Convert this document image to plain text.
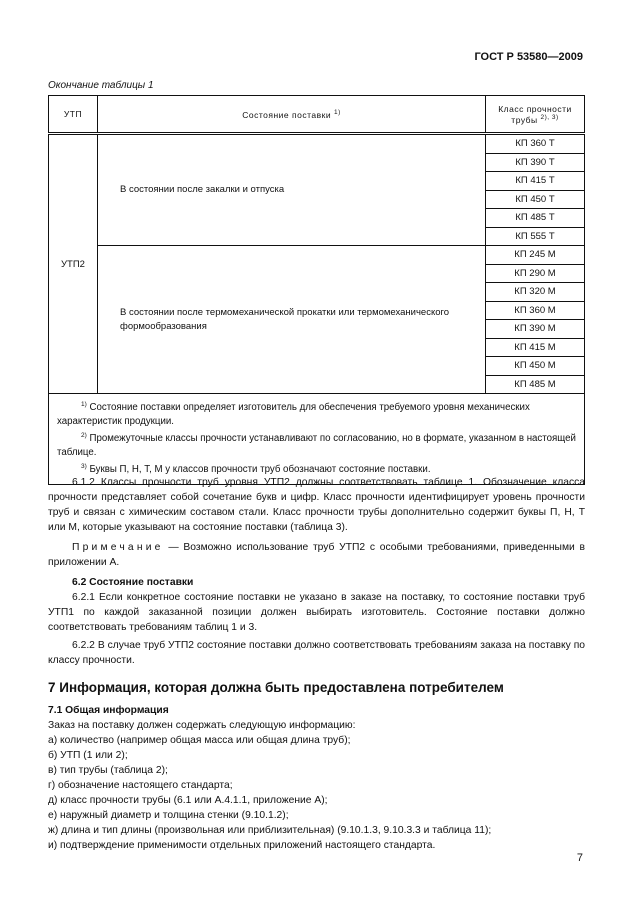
ГОСТ Р 53580—2009
Окончание таблицы 1
УТП	Состояние поставки $^{1)}$	Класс прочности трубы $^{2), 3)}$
УТП2	В состоянии после закалки и отпуска	КП 360 Т
		КП 390 Т
		КП 415 Т
		КП 450 Т
		КП 485 Т
		КП 555 Т
	В состоянии после термомеханической прокатки или термомеханического формообразования	КП 245 М
		КП 290 М
		КП 320 М
		КП 360 М
		КП 390 М
		КП 415 М
		КП 450 М
		КП 485 М

$^{1)}$ Состояние поставки определяет изготовитель для обеспечения требуемого уровня механических характеристик продукции.

$^{2)}$ Промежуточные классы прочности устанавливают по согласованию, но в формате, указанном в настоящей таблице.

$^{3)}$ Буквы П, Н, Т, М у классов прочности труб обозначают состояние поставки.		

6.1.2 Классы прочности труб уровня УТП2 должны соответствовать таблице 1. Обозначение класса прочности представляет собой сочетание букв и цифр. Класс прочности идентифицирует уровень прочности труб и связан с химическим составом стали. Класс прочности трубы дополнительно содержит буквы П, Н, Т или М, которые указывают на состояние поставки (таблица 3).

Примечание — Возможно использование труб УТП2 с особыми требованиями, приведенными в приложении А.

6.2 Состояние поставки

6.2.1 Если конкретное состояние поставки не указано в заказе на поставку, то состояние поставки труб УТП1 по каждой заказанной позиции должен выбирать изготовитель. Состояние поставки должно соответствовать требованиям таблиц 1 и 3.

6.2.2 В случае труб УТП2 состояние поставки должно соответствовать требованиям заказа на поставку по классу прочности.

7 Информация, которая должна быть предоставлена потребителем

7.1 Общая информация

Заказ на поставку должен содержать следующую информацию:

а) количество (например общая масса или общая длина труб);

б) УТП (1 или 2);

в) тип трубы (таблица 2);

г) обозначение настоящего стандарта;

д) класс прочности трубы (6.1 или А.4.1.1, приложение А);

е) наружный диаметр и толщина стенки (9.10.1.2);

ж) длина и тип длины (произвольная или приблизительная) (9.10.1.3, 9.10.3.3 и таблица 11);

и) подтверждение применимости отдельных приложений настоящего стандарта.

7
